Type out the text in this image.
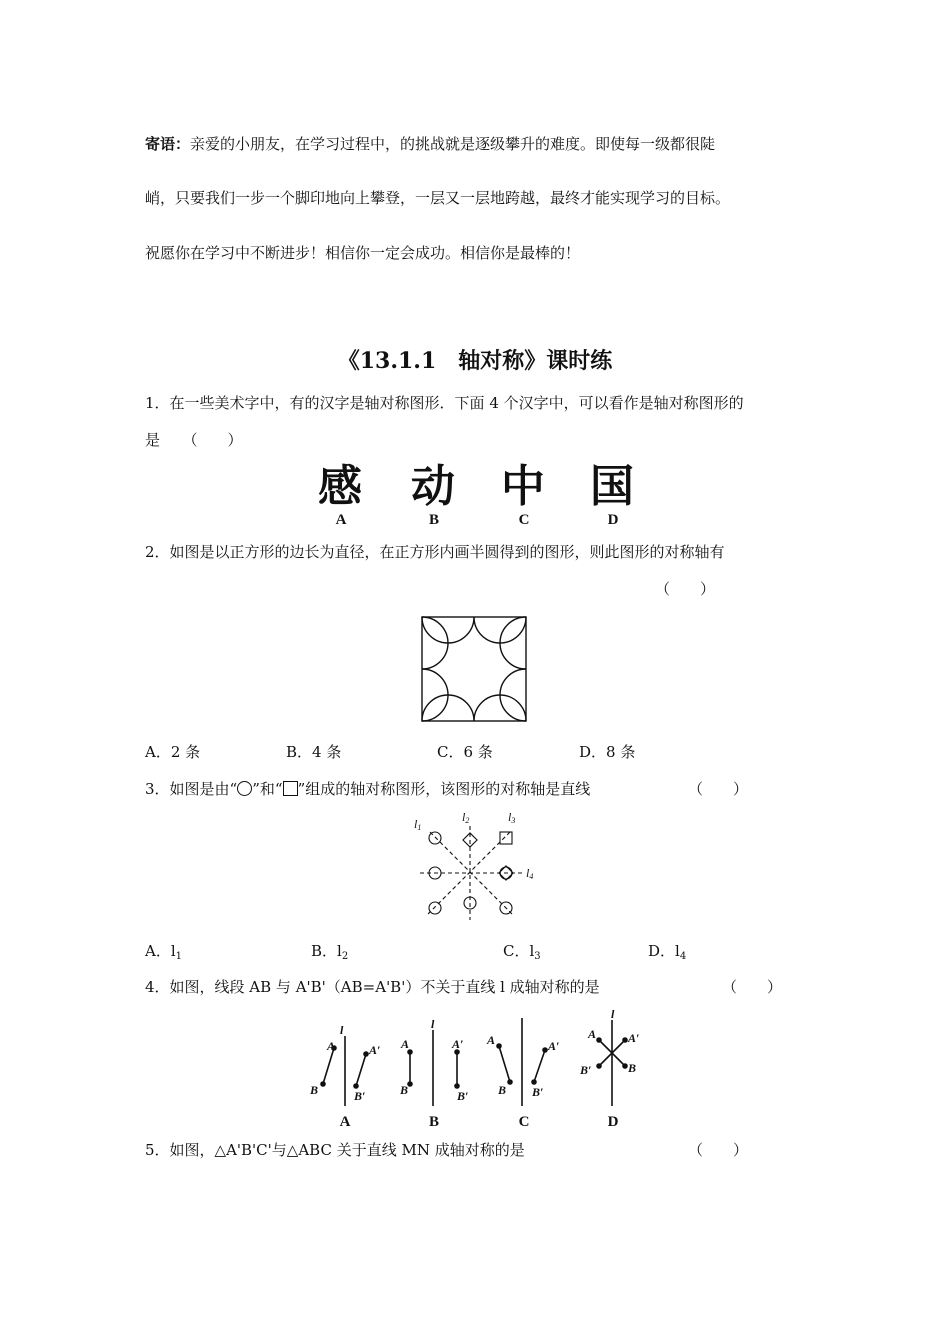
寄语：亲爱的小朋友，在学习过程中，的挑战就是逐级攀升的难度。即使每一级都很陡
峭，只要我们一步一个脚印地向上攀登，一层又一层地跨越，最终才能实现学习的目标。
祝愿你在学习中不断进步！相信你一定会成功。相信你是最棒的！
《13.1.1　轴对称》课时练
1．在一些美术字中，有的汉字是轴对称图形．下面 4 个汉字中，可以看作是轴对称图形的
是　　（　　）
感 动 中 国
A	B	C	D
2．如图是以正方形的边长为直径，在正方形内画半圆得到的图形，则此图形的对称轴有
（　　）
A．2 条	B．4 条	C．6 条	D．8 条
3．如图是由“ ”和“ ”组成的轴对称图形，该图形的对称轴是直线	（　　）
l1
l2	l3
l4
A．$l_1$	B．$l_2$	C．$l_3$	D．$l_4$
4．如图，线段 AB 与 A'B'（AB=A'B'）不关于直线 l 成轴对称的是	（　　）
l
A
B
A′
B′
l
A
B
A′
B′
A
B
A′
B′
l
A	A′
B′	B
A	B	C	D
5．如图，△A'B'C'与△ABC 关于直线 MN 成轴对称的是	（　　）
